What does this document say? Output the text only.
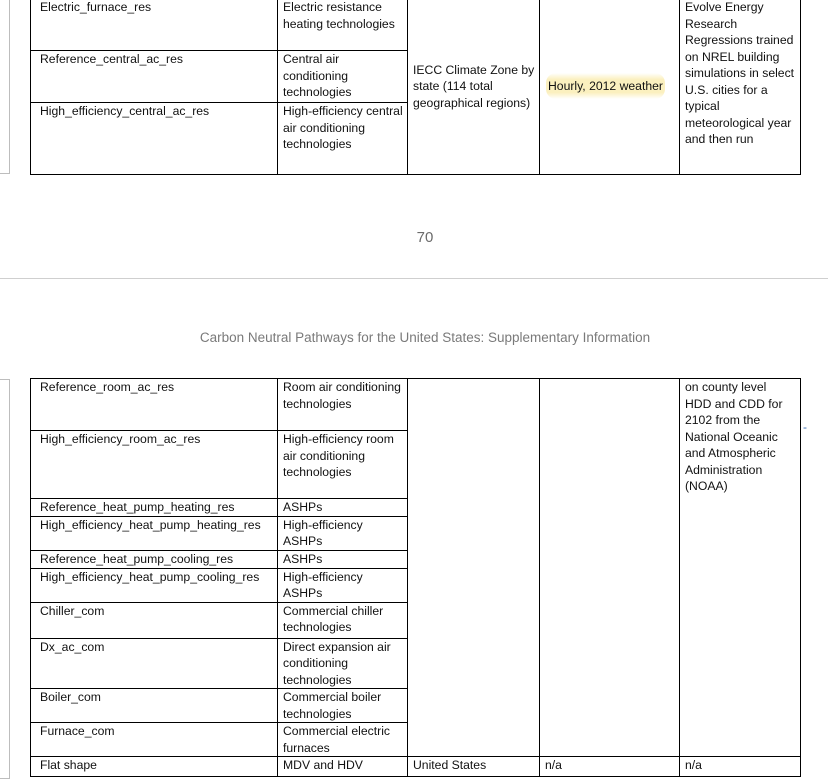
Electric_furnace_res	Electric resistance heating technologies	IECC Climate Zone by state (114 total geographical regions)	Hourly, 2012 weather	Evolve Energy Research Regressions trained on NREL building simulations in select U.S. cities for a typical meteorological year and then run
Reference_central_ac_res	Central air conditioning technologies			
High_efficiency_central_ac_res	High-efficiency central air conditioning technologies			
70
Carbon Neutral Pathways for the United States: Supplementary Information
-
Reference_room_ac_res	Room air conditioning technologies			on county level HDD and CDD for 2102 from the National Oceanic and Atmospheric Administration (NOAA)
High_efficiency_room_ac_res	High-efficiency room air conditioning technologies			
Reference_heat_pump_heating_res	ASHPs			
High_efficiency_heat_pump_heating_res	High-efficiency ASHPs			
Reference_heat_pump_cooling_res	ASHPs			
High_efficiency_heat_pump_cooling_res	High-efficiency ASHPs			
Chiller_com	Commercial chiller technologies			
Dx_ac_com	Direct expansion air conditioning technologies			
Boiler_com	Commercial boiler technologies			
Furnace_com	Commercial electric furnaces			
Flat shape	MDV and HDV	United States	n/a	n/a
